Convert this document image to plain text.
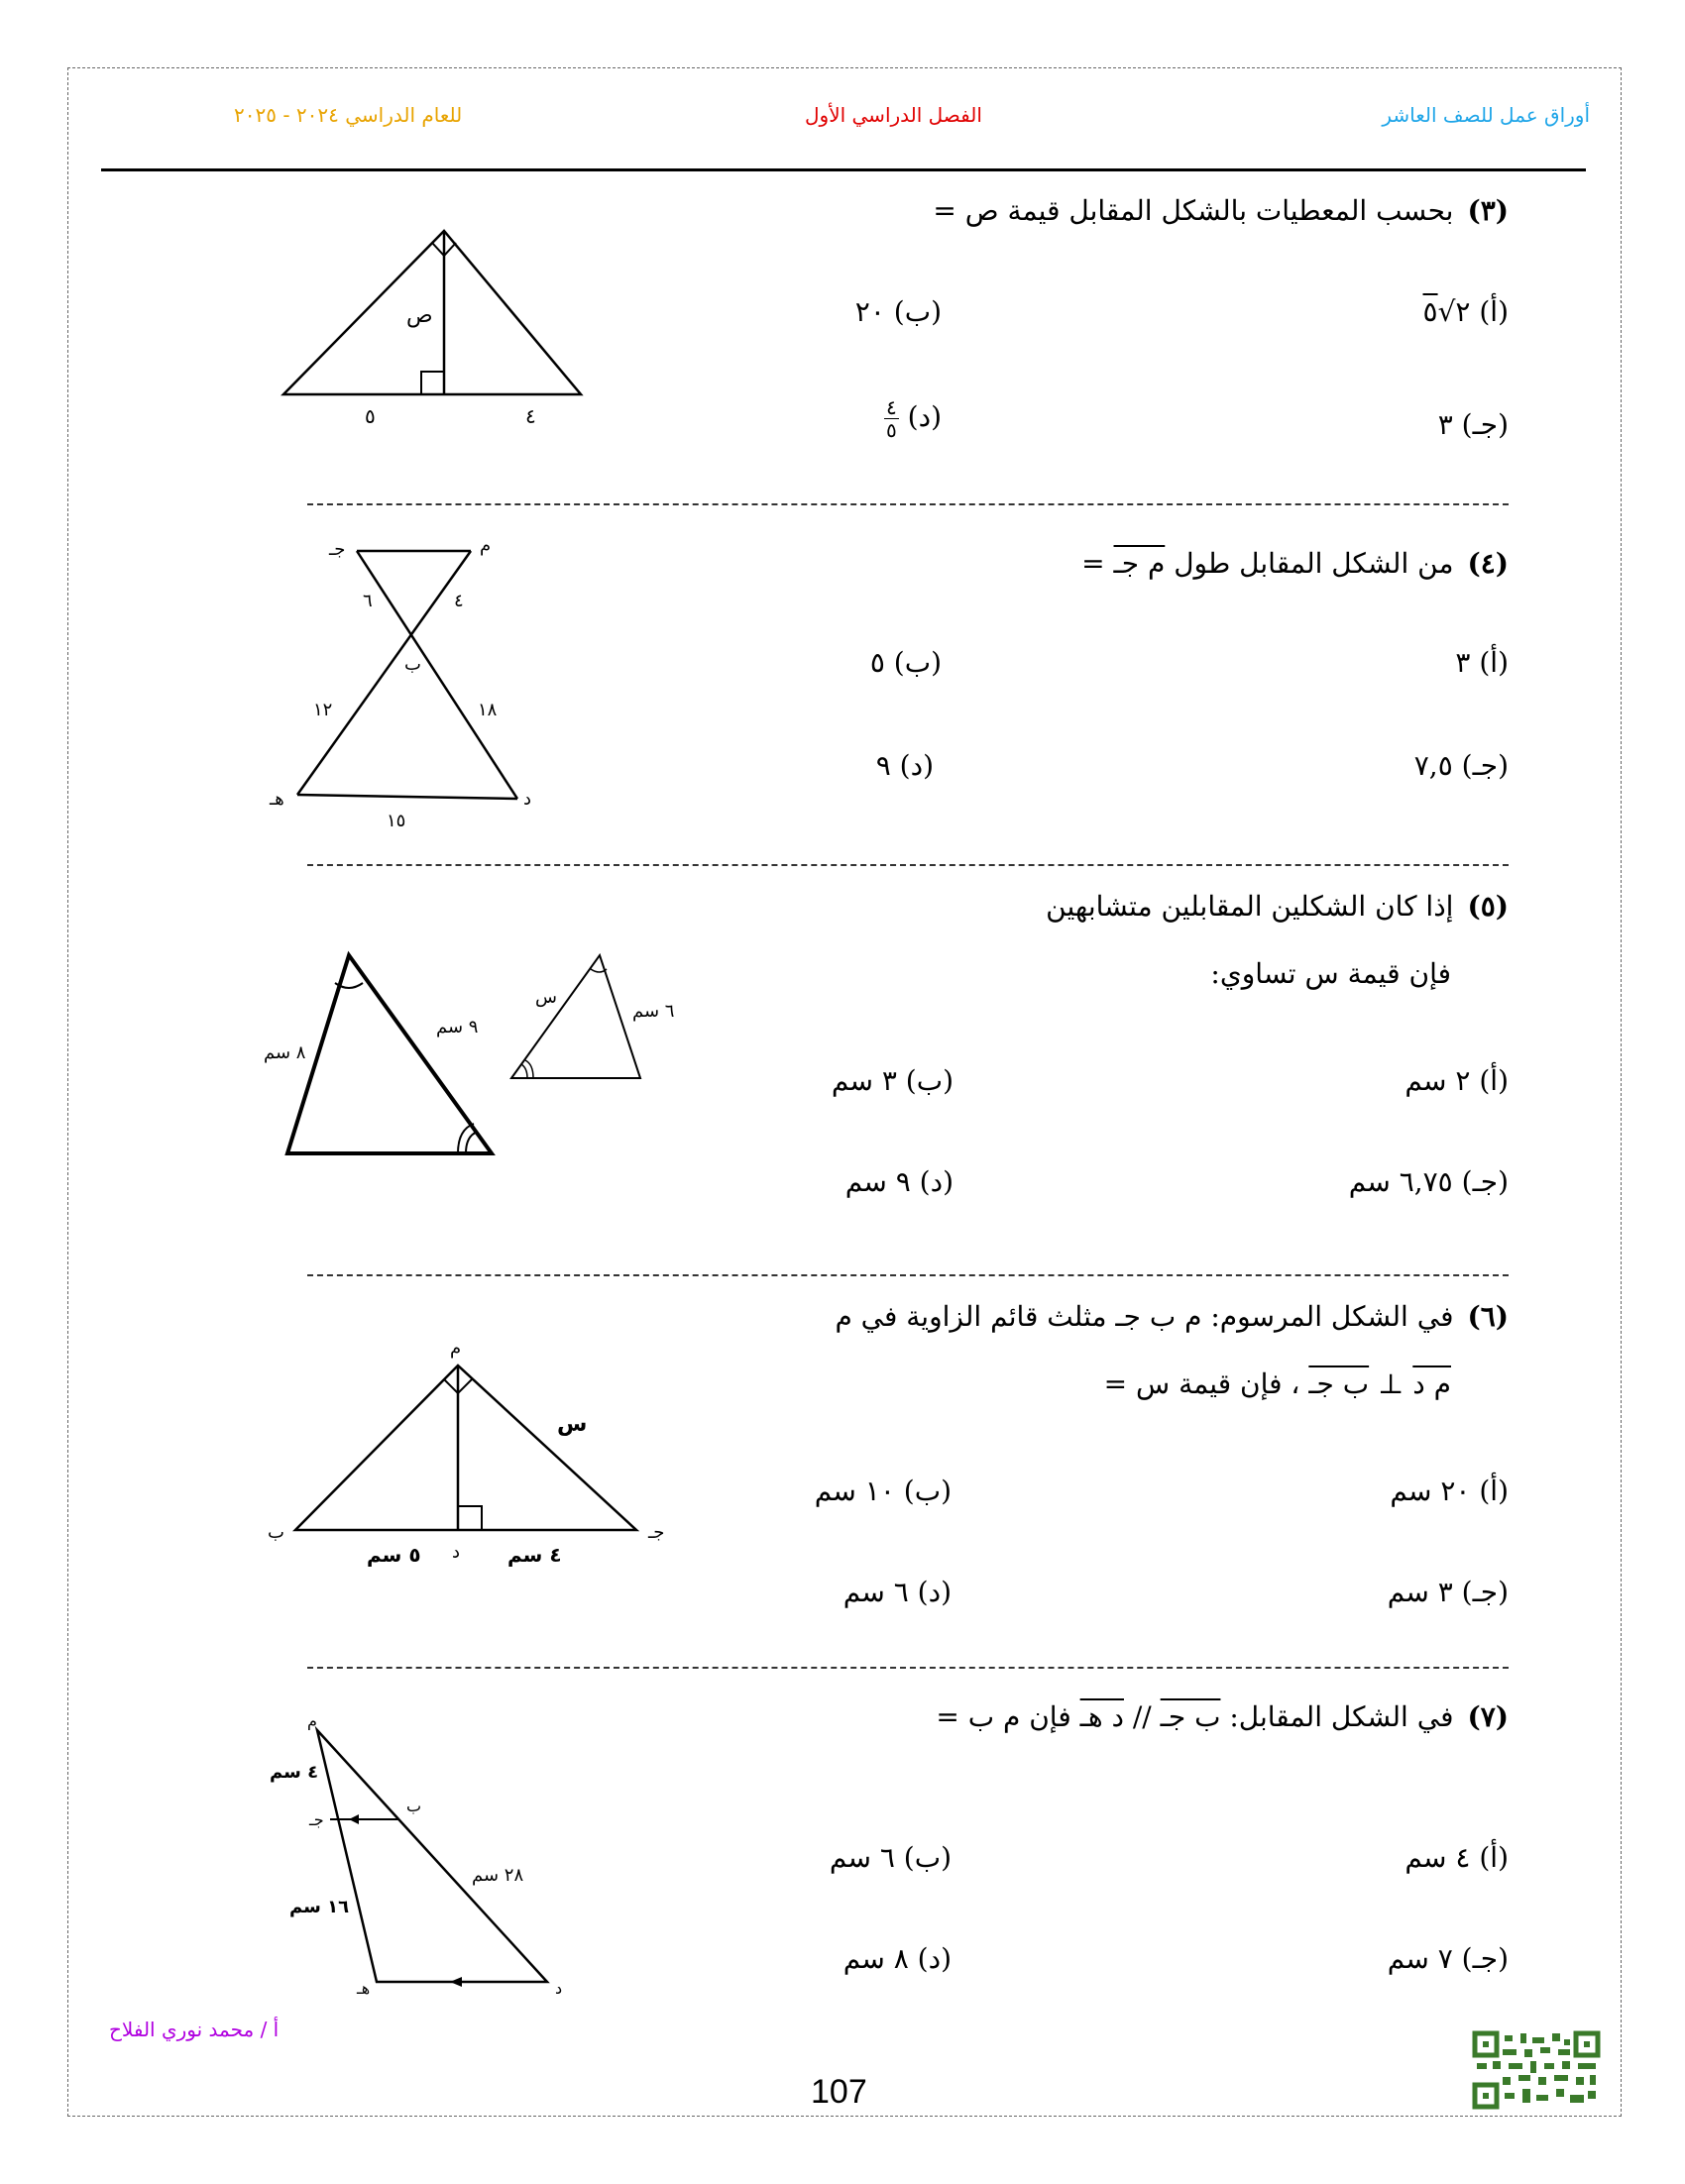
للعام الدراسي ٢٠٢٤ - ٢٠٢٥	الفصل الدراسي الأول	أوراق عمل للصف العاشر
(٣)بحسب المعطيات بالشكل المقابل قيمة ص =
(أ) ٢√٥
(ب) ٢٠
(جـ) ٣
(د)
$\frac{٤}{٥}$
ص
٥	٤
(٤)من الشكل المقابل طول م جـ =
(أ) ٣
(ب) ٥
(جـ) ٧,٥
(د) ٩
م
جـ
٦	٤
ب
١٢	١٨
هـ	د
١٥
(٥)إذا كان الشكلين المقابلين متشابهين
فإن قيمة س تساوي:
(أ) ٢ سم
(ب) ٣ سم
(جـ) ٦,٧٥ سم
(د) ٩ سم
٨ سم
٩ سم
س
٦ سم
(٦)في الشكل المرسوم: م ب جـ مثلث قائم الزاوية في م
م د ⊥ ب جـ ، فإن قيمة س =
(أ) ٢٠ سم
(ب) ١٠ سم
(جـ) ٣ سم
(د) ٦ سم
م
ب	جـ
س
د
٥ سم	٤ سم
(٧)في الشكل المقابل: ب جـ // د هـ فإن م ب =
(أ) ٤ سم
(ب) ٦ سم
(جـ) ٧ سم
(د) ٨ سم
م
ب
جـ
هـ	د
٤ سم
١٦ سم
٢٨ سم
أ / محمد نوري الفلاح
107
